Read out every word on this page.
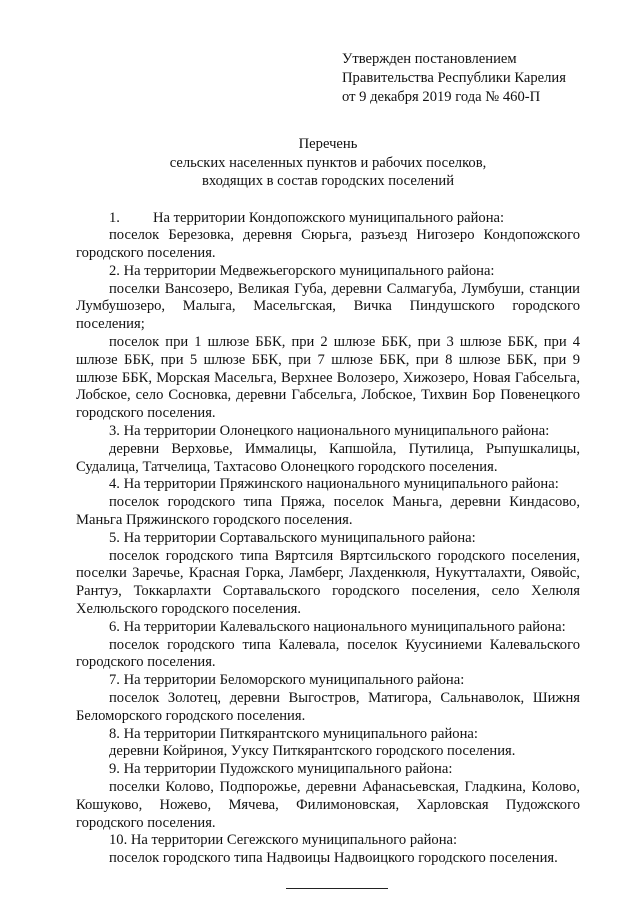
Утвержден постановлением
Правительства Республики Карелия
от 9 декабря 2019 года № 460-П
Перечень
сельских населенных пунктов и рабочих поселков,
входящих в состав городских поселений

1. На территории Кондопожского муниципального района:

поселок Березовка, деревня Сюрьга, разъезд Нигозеро Кондопожского городского поселения.

2. На территории Медвежьегорского муниципального района:

поселки Вансозеро, Великая Губа, деревни Салмагуба, Лумбуши, станции Лумбушозеро, Малыга, Масельгская, Вичка Пиндушского городского поселения;

поселок при 1 шлюзе ББК, при 2 шлюзе ББК, при 3 шлюзе ББК, при 4 шлюзе ББК, при 5 шлюзе ББК, при 7 шлюзе ББК, при 8 шлюзе ББК, при 9 шлюзе ББК, Морская Масельга, Верхнее Волозеро, Хижозеро, Новая Габсельга, Лобское, село Сосновка, деревни Габсельга, Лобское, Тихвин Бор Повенецкого городского поселения.

3. На территории Олонецкого национального муниципального района:

деревни Верховье, Иммалицы, Капшойла, Путилица, Рыпушкалицы, Судалица, Татчелица, Тахтасово Олонецкого городского поселения.

4. На территории Пряжинского национального муниципального района:

поселок городского типа Пряжа, поселок Маньга, деревни Киндасово, Маньга Пряжинского городского поселения.

5. На территории Сортавальского муниципального района:

поселок городского типа Вяртсиля Вяртсильского городского поселения, поселки Заречье, Красная Горка, Ламберг, Лахденкюля, Нукутталахти, Оявойс, Рантуэ, Токкарлахти Сортавальского городского поселения, село Хелюля Хелюльского городского поселения.

6. На территории Калевальского национального муниципального района:

поселок городского типа Калевала, поселок Куусиниеми Калевальского городского поселения.

7. На территории Беломорского муниципального района:

поселок Золотец, деревни Выгостров, Матигора, Сальнаволок, Шижня Беломорского городского поселения.

8. На территории Питкярантского муниципального района:

деревни Койриноя, Ууксу Питкярантского городского поселения.

9. На территории Пудожского муниципального района:

поселки Колово, Подпорожье, деревни Афанасьевская, Гладкина, Колово, Кошуково, Ножево, Мячева, Филимоновская, Харловская Пудожского городского поселения.

10. На территории Сегежского муниципального района:

поселок городского типа Надвоицы Надвоицкого городского поселения.
